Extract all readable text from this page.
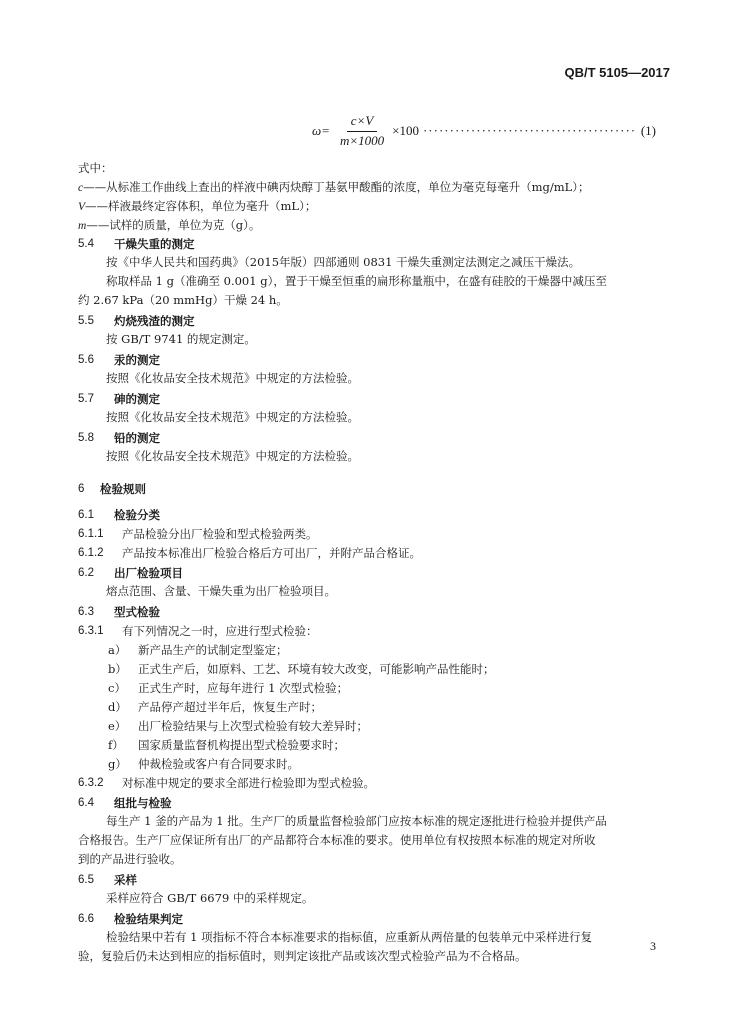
QB/T 5105—2017
$\omega= \frac{c\times V}{m\times 1000} \times 100$
·····	(1)
式中：
c——从标准工作曲线上查出的样液中碘丙炔醇丁基氨甲酸酯的浓度，单位为毫克每毫升（mg/mL）；
V——样液最终定容体积，单位为毫升（mL）；
m——试样的质量，单位为克（g）。
5.4	干燥失重的测定
按《中华人民共和国药典》（2015年版）四部通则 0831 干燥失重测定法测定之减压干燥法。
称取样品 1 g（准确至 0.001 g），置于干燥至恒重的扁形称量瓶中，在盛有硅胶的干燥器中减压至
约 2.67 kPa（20 mmHg）干燥 24 h。
5.5	灼烧残渣的测定
按 GB/T 9741 的规定测定。
5.6	汞的测定
按照《化妆品安全技术规范》中规定的方法检验。
5.7	砷的测定
按照《化妆品安全技术规范》中规定的方法检验。
5.8	铅的测定
按照《化妆品安全技术规范》中规定的方法检验。
6	检验规则
6.1	检验分类
6.1.1	产品检验分出厂检验和型式检验两类。
6.1.2	产品按本标准出厂检验合格后方可出厂，并附产品合格证。
6.2	出厂检验项目
熔点范围、含量、干燥失重为出厂检验项目。
6.3	型式检验
6.3.1	有下列情况之一时，应进行型式检验：
a）	新产品生产的试制定型鉴定；
b） 正式生产后，如原料、工艺、环境有较大改变，可能影响产品性能时；
c）	正式生产时，应每年进行 1 次型式检验；
d） 产品停产超过半年后，恢复生产时；
e）	出厂检验结果与上次型式检验有较大差异时；
f）	国家质量监督机构提出型式检验要求时；
g） 仲裁检验或客户有合同要求时。
6.3.2	对标准中规定的要求全部进行检验即为型式检验。
6.4	组批与检验
每生产 1 釜的产品为 1 批。生产厂的质量监督检验部门应按本标准的规定逐批进行检验并提供产品
合格报告。生产厂应保证所有出厂的产品都符合本标准的要求。使用单位有权按照本标准的规定对所收
到的产品进行验收。
6.5	采样
采样应符合 GB/T 6679 中的采样规定。
6.6	检验结果判定
检验结果中若有 1 项指标不符合本标准要求的指标值，应重新从两倍量的包装单元中采样进行复
验，复验后仍未达到相应的指标值时，则判定该批产品或该次型式检验产品为不合格品。
3
